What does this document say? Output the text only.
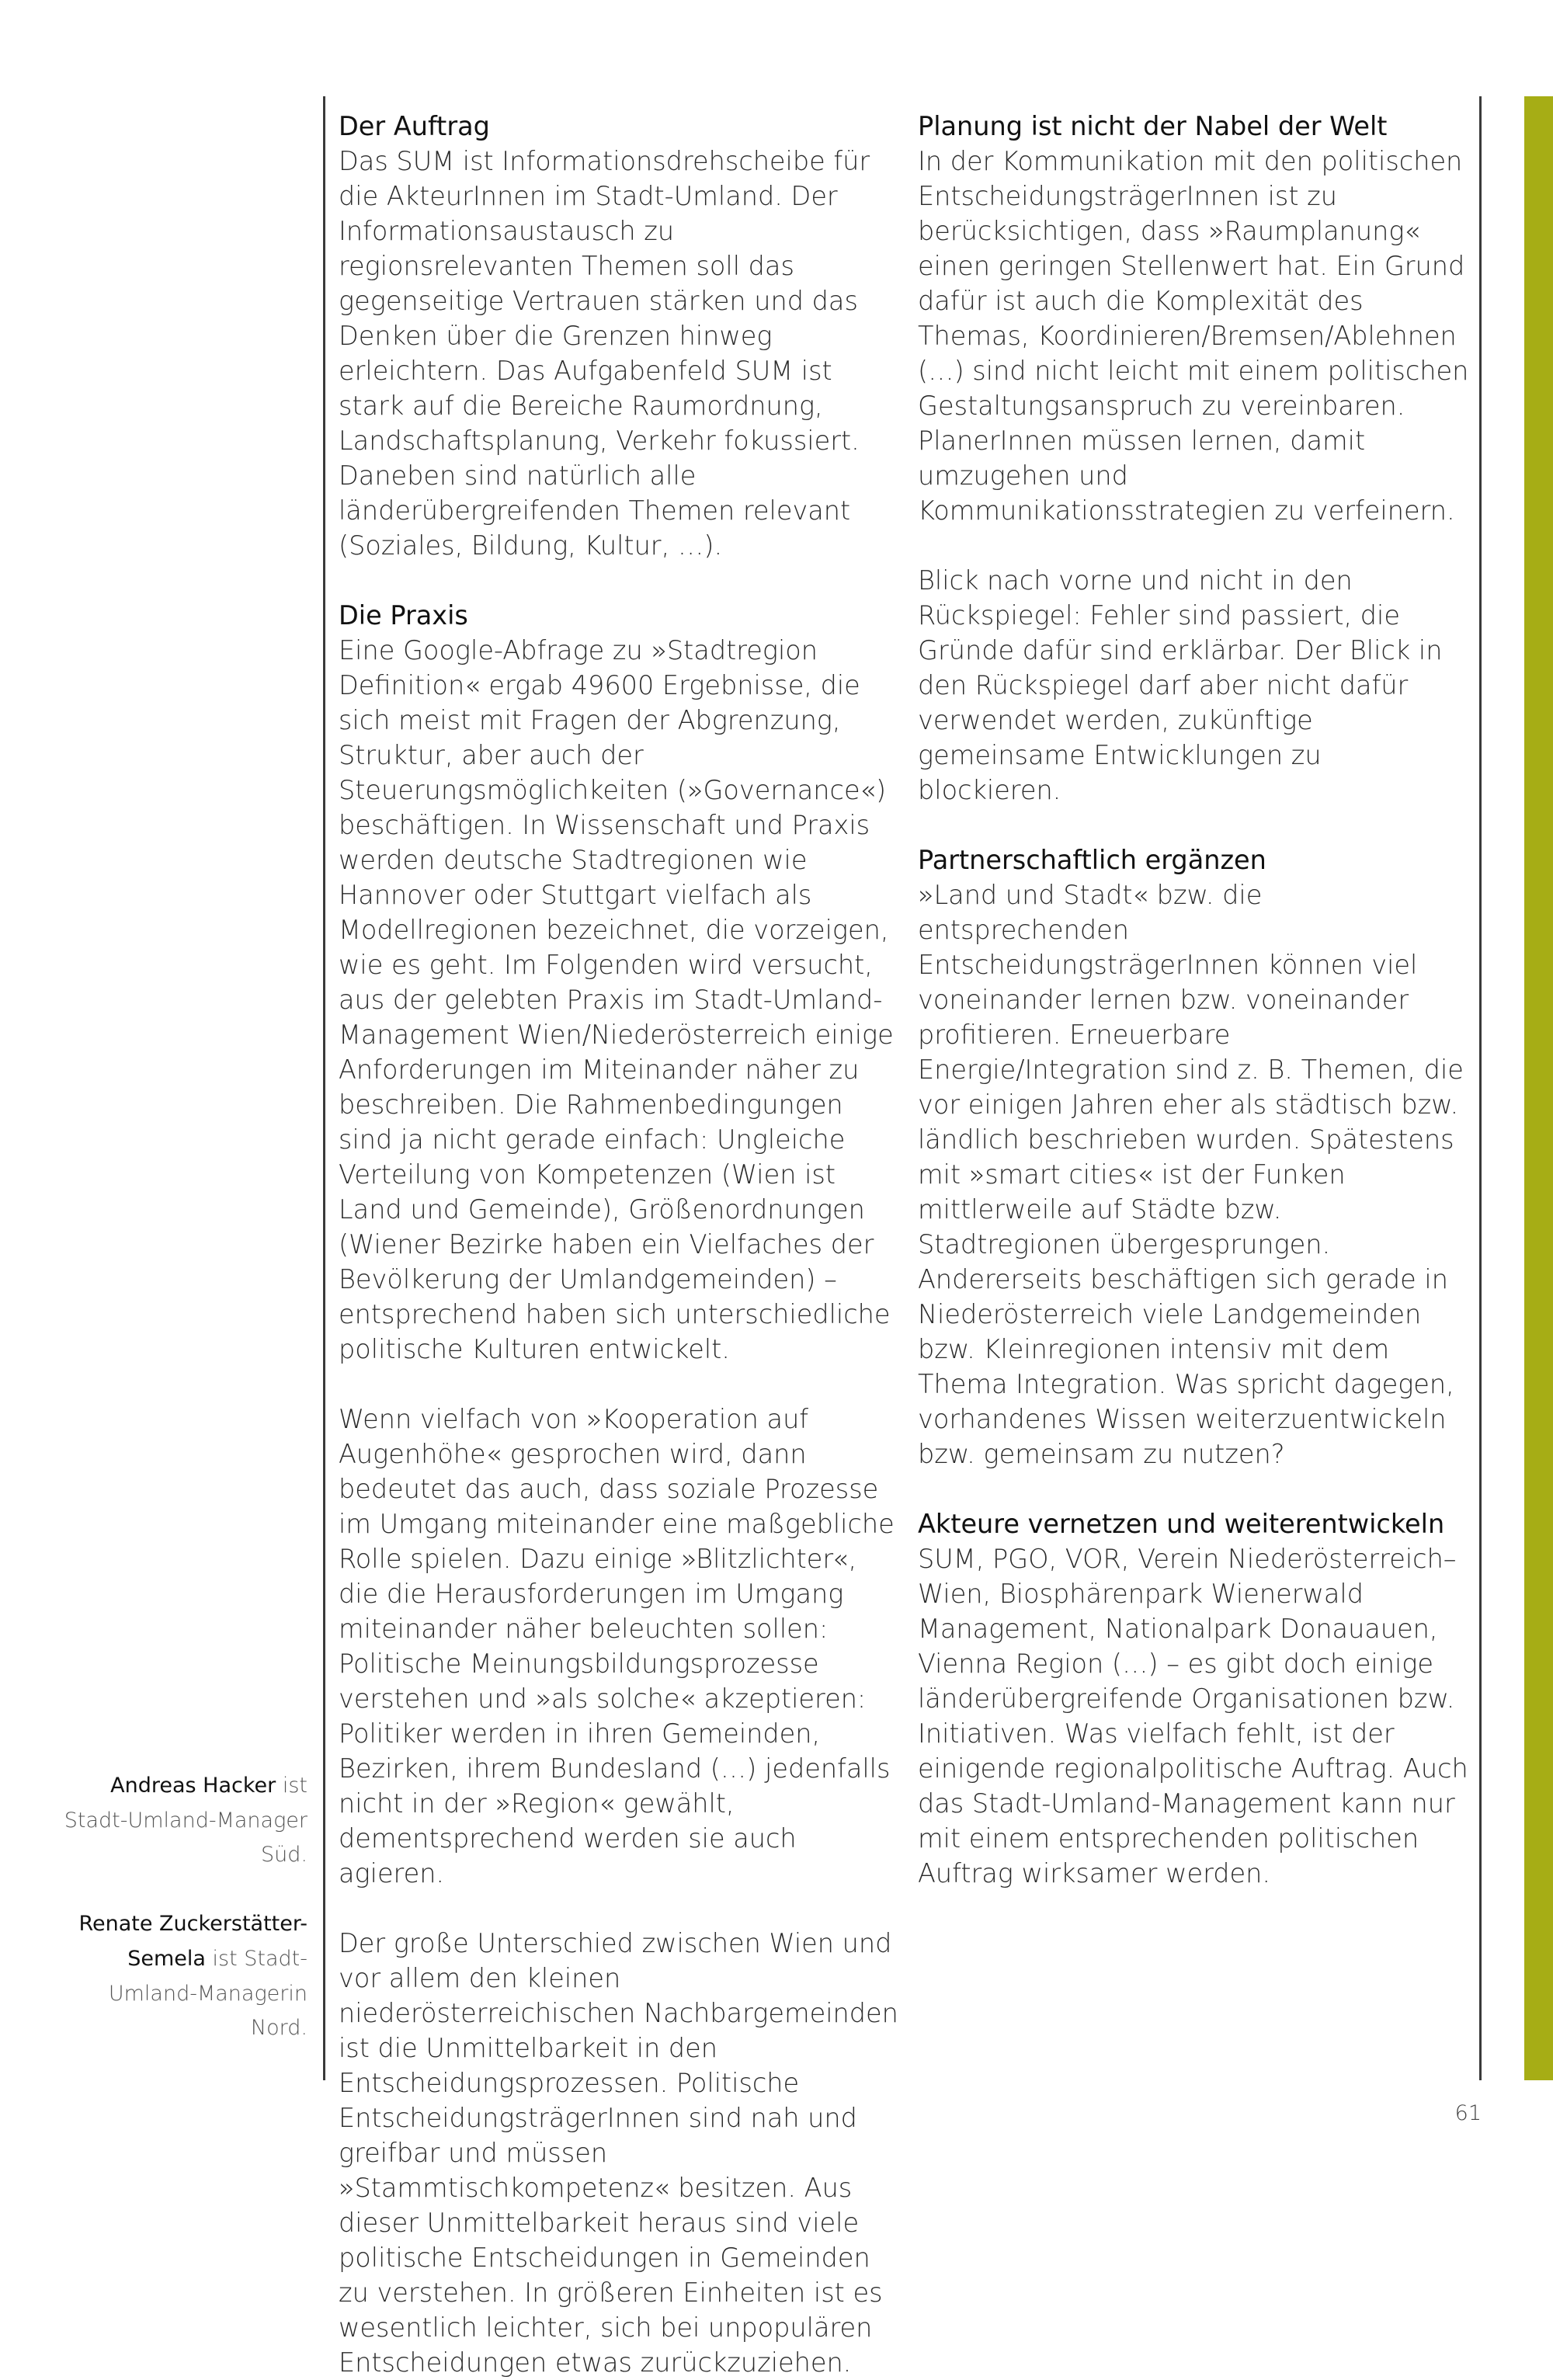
Der Auftrag

Das SUM ist Informationsdrehscheibe für die AkteurInnen im Stadt-Umland. Der Informationsaustausch zu regionsrelevanten Themen soll das gegenseitige Vertrauen stärken und das Denken über die Grenzen hinweg erleichtern. Das Aufgabenfeld SUM ist stark auf die Bereiche Raumordnung, Landschaftsplanung, Verkehr fokussiert. Daneben sind natürlich alle länderübergreifenden Themen relevant (Soziales, Bildung, Kultur, …).

Die Praxis

Eine Google-Abfrage zu »Stadtregion Definition« ergab 49600 Ergebnisse, die sich meist mit Fragen der Abgrenzung, Struktur, aber auch der Steuerungsmöglichkeiten (»Governance«) beschäftigen. In Wissenschaft und Praxis werden deutsche Stadtregionen wie Hannover oder Stuttgart vielfach als Modellregionen bezeichnet, die vorzeigen, wie es geht. Im Folgenden wird versucht, aus der gelebten Praxis im Stadt-Umland-Management Wien/Niederösterreich einige Anforderungen im Miteinander näher zu beschreiben. Die Rahmenbedingungen sind ja nicht gerade einfach: Ungleiche Verteilung von Kompetenzen (Wien ist Land und Gemeinde), Größenordnungen (Wiener Bezirke haben ein Vielfaches der Bevölkerung der Umlandgemeinden) – entsprechend haben sich unterschiedliche politische Kulturen entwickelt.

Wenn vielfach von »Kooperation auf Augenhöhe« gesprochen wird, dann bedeutet das auch, dass soziale Prozesse im Umgang miteinander eine maßgebliche Rolle spielen. Dazu einige »Blitzlichter«, die die Herausforderungen im Umgang miteinander näher beleuchten sollen: Politische Meinungsbildungsprozesse verstehen und »als solche« akzeptieren: Politiker werden in ihren Gemeinden, Bezirken, ihrem Bundesland (…) jedenfalls nicht in der »Region« gewählt, dementsprechend werden sie auch agieren.

Der große Unterschied zwischen Wien und vor allem den kleinen niederösterreichischen Nachbargemeinden ist die Unmittelbarkeit in den Entscheidungsprozessen. Politische EntscheidungsträgerInnen sind nah und greifbar und müssen »Stammtischkompetenz« besitzen. Aus dieser Unmittelbarkeit heraus sind viele politische Entscheidungen in Gemeinden zu verstehen. In größeren Einheiten ist es wesentlich leichter, sich bei unpopulären Entscheidungen etwas zurückzuziehen.

Planung ist nicht der Nabel der Welt

In der Kommunikation mit den politischen EntscheidungsträgerInnen ist zu berücksichtigen, dass »Raumplanung« einen geringen Stellenwert hat. Ein Grund dafür ist auch die Komplexität des Themas, Koordinieren/Bremsen/Ablehnen (…) sind nicht leicht mit einem politischen Gestaltungsanspruch zu vereinbaren. PlanerInnen müssen lernen, damit umzugehen und Kommunikationsstrategien zu verfeinern.

Blick nach vorne und nicht in den Rückspiegel: Fehler sind passiert, die Gründe dafür sind erklärbar. Der Blick in den Rückspiegel darf aber nicht dafür verwendet werden, zukünftige gemeinsame Entwicklungen zu blockieren.

Partnerschaftlich ergänzen

»Land und Stadt« bzw. die entsprechenden EntscheidungsträgerInnen können viel voneinander lernen bzw. voneinander profitieren. Erneuerbare Energie/Integration sind z. B. Themen, die vor einigen Jahren eher als städtisch bzw. ländlich beschrieben wurden. Spätestens mit »smart cities« ist der Funken mittlerweile auf Städte bzw. Stadtregionen übergesprungen. Andererseits beschäftigen sich gerade in Niederösterreich viele Landgemeinden bzw. Kleinregionen intensiv mit dem Thema Integration. Was spricht dagegen, vorhandenes Wissen weiterzuentwickeln bzw. gemeinsam zu nutzen?

Akteure vernetzen und weiterentwickeln

SUM, PGO, VOR, Verein Niederösterreich–Wien, Biosphärenpark Wienerwald Management, Nationalpark Donauauen, Vienna Region (…) – es gibt doch einige länderübergreifende Organisationen bzw. Initiativen. Was vielfach fehlt, ist der einigende regionalpolitische Auftrag. Auch das Stadt-Umland-Management kann nur mit einem entsprechenden politischen Auftrag wirksamer werden.

Andreas Hacker ist Stadt-Umland-Manager Süd.

Renate Zuckerstätter-Semela ist Stadt-Umland-Managerin Nord.

61
